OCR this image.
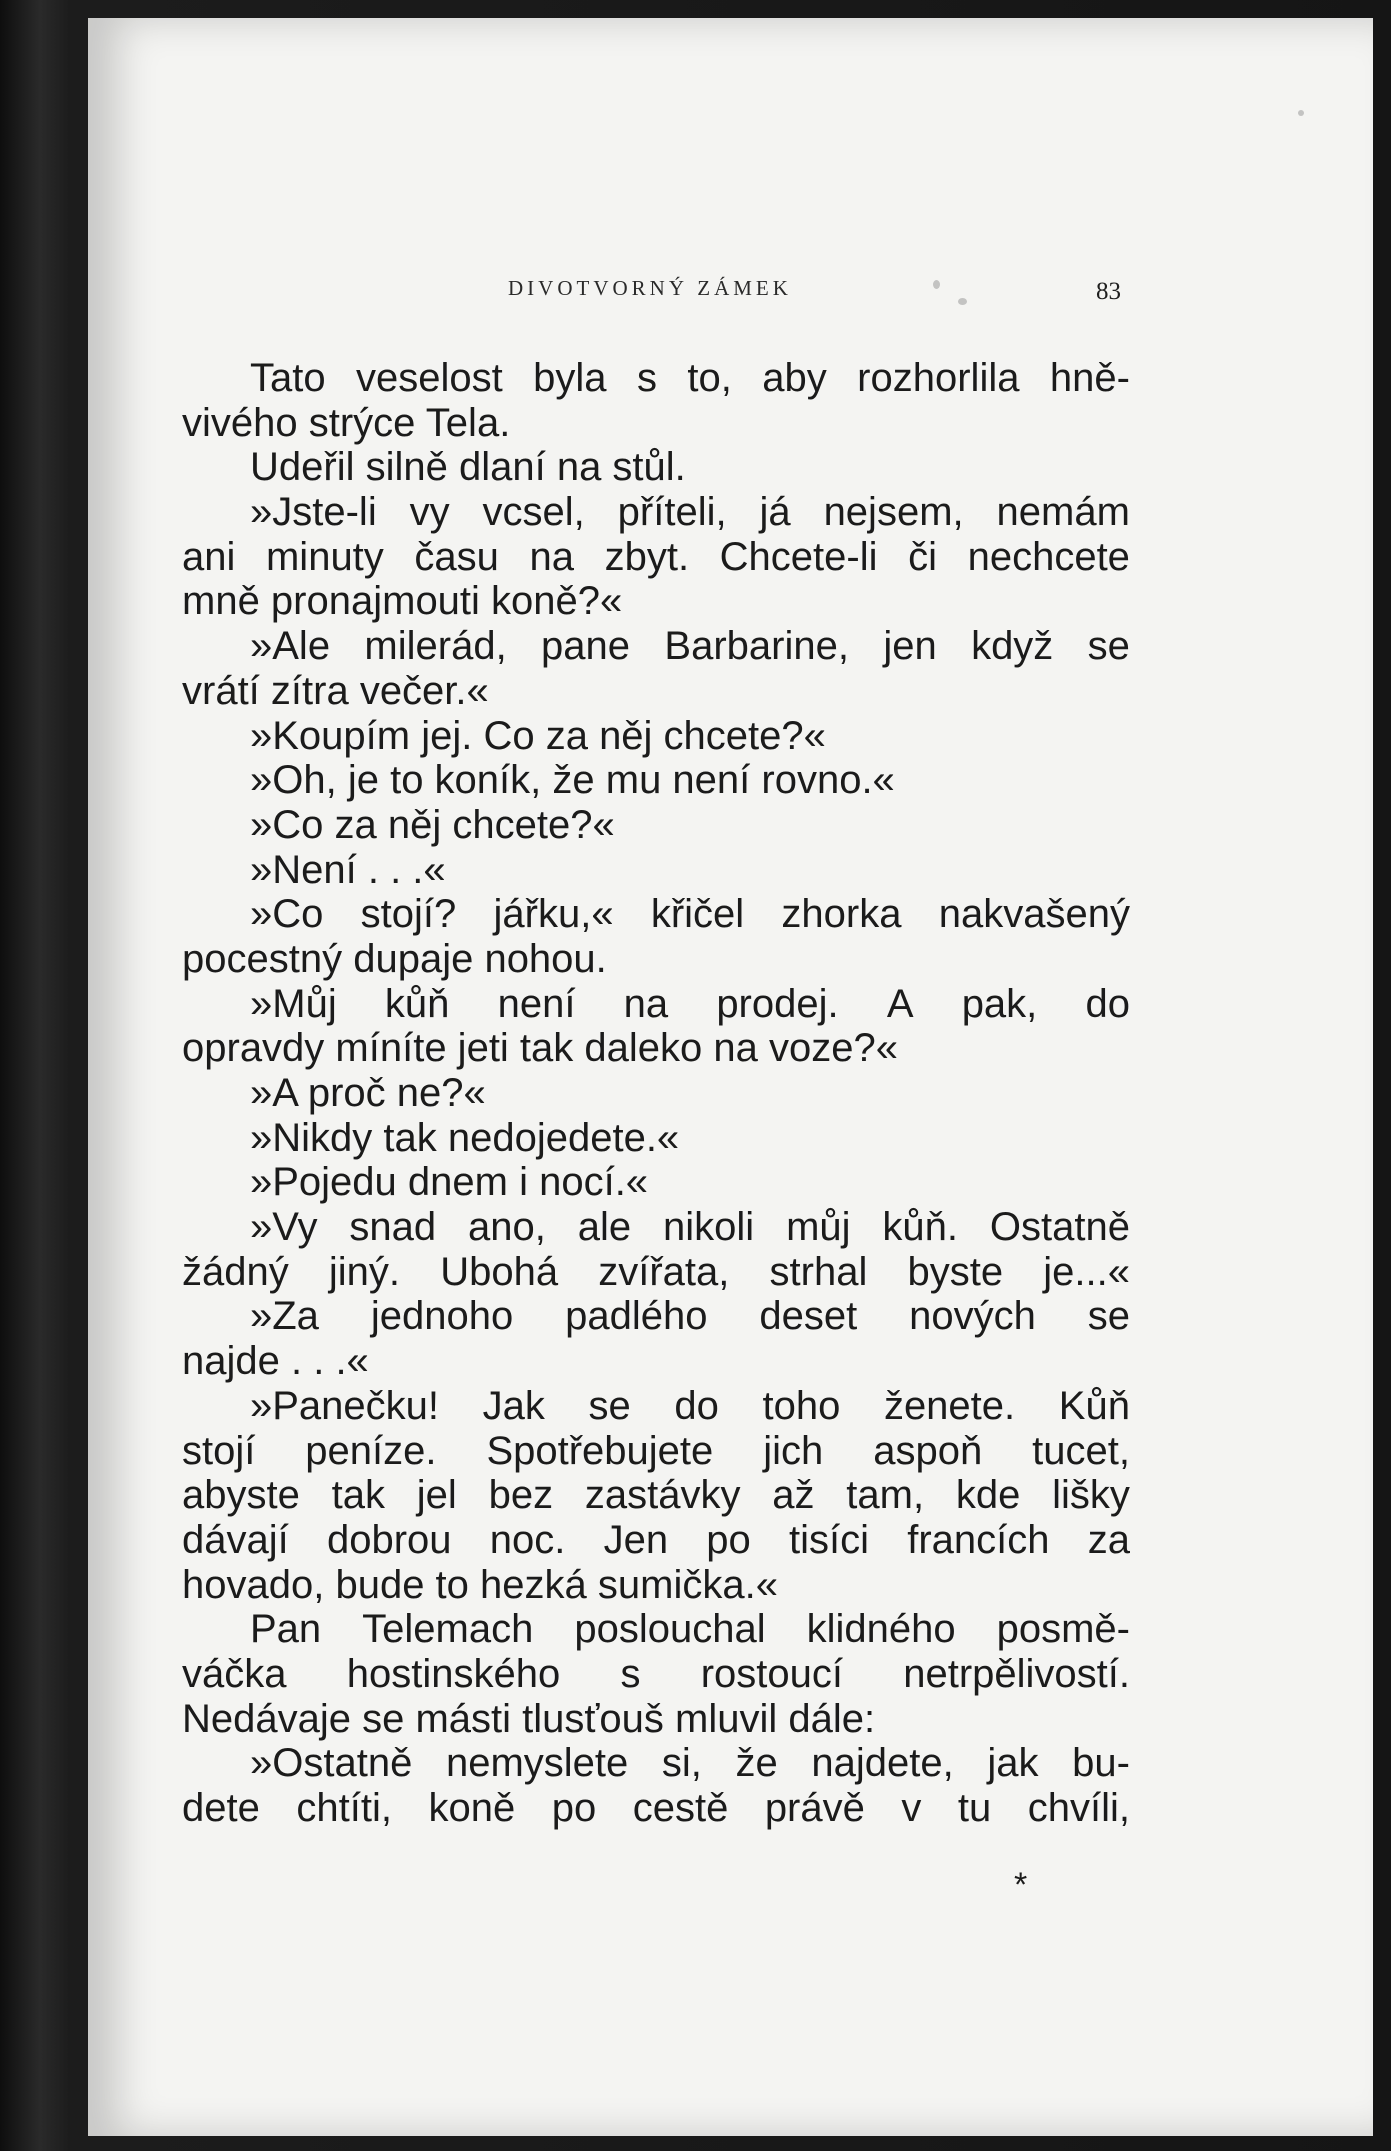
DIVOTVORNÝ ZÁMEK	83
Tato veselost byla s to, aby rozhorlila hně-
vivého strýce Tela.
Udeřil silně dlaní na stůl.
»Jste-li vy vcsel, příteli, já nejsem, nemám
ani minuty času na zbyt. Chcete-li či nechcete
mně pronajmouti koně?«
»Ale milerád, pane Barbarine, jen když se
vrátí zítra večer.«
»Koupím jej. Co za něj chcete?«
»Oh, je to koník, že mu není rovno.«
»Co za něj chcete?«
»Není . . .«
»Co stojí? jářku,« křičel zhorka nakvašený
pocestný dupaje nohou.
»Můj kůň není na prodej. A pak, do
opravdy míníte jeti tak daleko na voze?«
»A proč ne?«
»Nikdy tak nedojedete.«
»Pojedu dnem i nocí.«
»Vy snad ano, ale nikoli můj kůň. Ostatně
žádný jiný. Ubohá zvířata, strhal byste je...«
»Za jednoho padlého deset nových se
najde . . .«
»Panečku! Jak se do toho ženete. Kůň
stojí peníze. Spotřebujete jich aspoň tucet,
abyste tak jel bez zastávky až tam, kde lišky
dávají dobrou noc. Jen po tisíci francích za
hovado, bude to hezká sumička.«
Pan Telemach poslouchal klidného posmě-
váčka hostinského s rostoucí netrpělivostí.
Nedávaje se másti tlusťouš mluvil dále:
»Ostatně nemyslete si, že najdete, jak bu-
dete chtíti, koně po cestě právě v tu chvíli,
*
